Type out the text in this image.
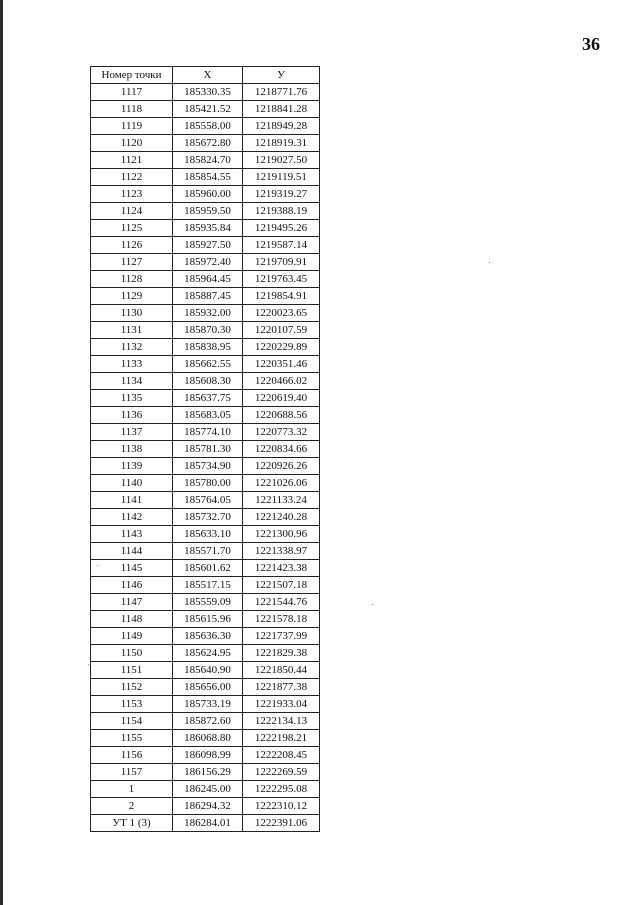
36
Номер точки	X	У
1117	185330.35	1218771.76
1118	185421.52	1218841.28
1119	185558.00	1218949.28
1120	185672.80	1218919.31
1121	185824.70	1219027.50
1122	185854.55	1219119.51
1123	185960.00	1219319.27
1124	185959.50	1219388.19
1125	185935.84	1219495.26
1126	185927.50	1219587.14
1127	185972.40	1219709.91
1128	185964.45	1219763.45
1129	185887.45	1219854.91
1130	185932.00	1220023.65
1131	185870.30	1220107.59
1132	185838.95	1220229.89
1133	185662.55	1220351.46
1134	185608.30	1220466.02
1135	185637.75	1220619.40
1136	185683.05	1220688.56
1137	185774.10	1220773.32
1138	185781.30	1220834.66
1139	185734.90	1220926.26
1140	185780.00	1221026.06
1141	185764.05	1221133.24
1142	185732.70	1221240.28
1143	185633.10	1221300.96
1144	185571.70	1221338.97
1145	185601.62	1221423.38
1146	185517.15	1221507.18
1147	185559.09	1221544.76
1148	185615.96	1221578.18
1149	185636.30	1221737.99
1150	185624.95	1221829.38
1151	185640.90	1221850.44
1152	185656.00	1221877.38
1153	185733.19	1221933.04
1154	185872.60	1222134.13
1155	186068.80	1222198.21
1156	186098.99	1222208.45
1157	186156.29	1222269.59
1	186245.00	1222295.08
2	186294.32	1222310.12
УТ 1 (3)	186284.01	1222391.06
